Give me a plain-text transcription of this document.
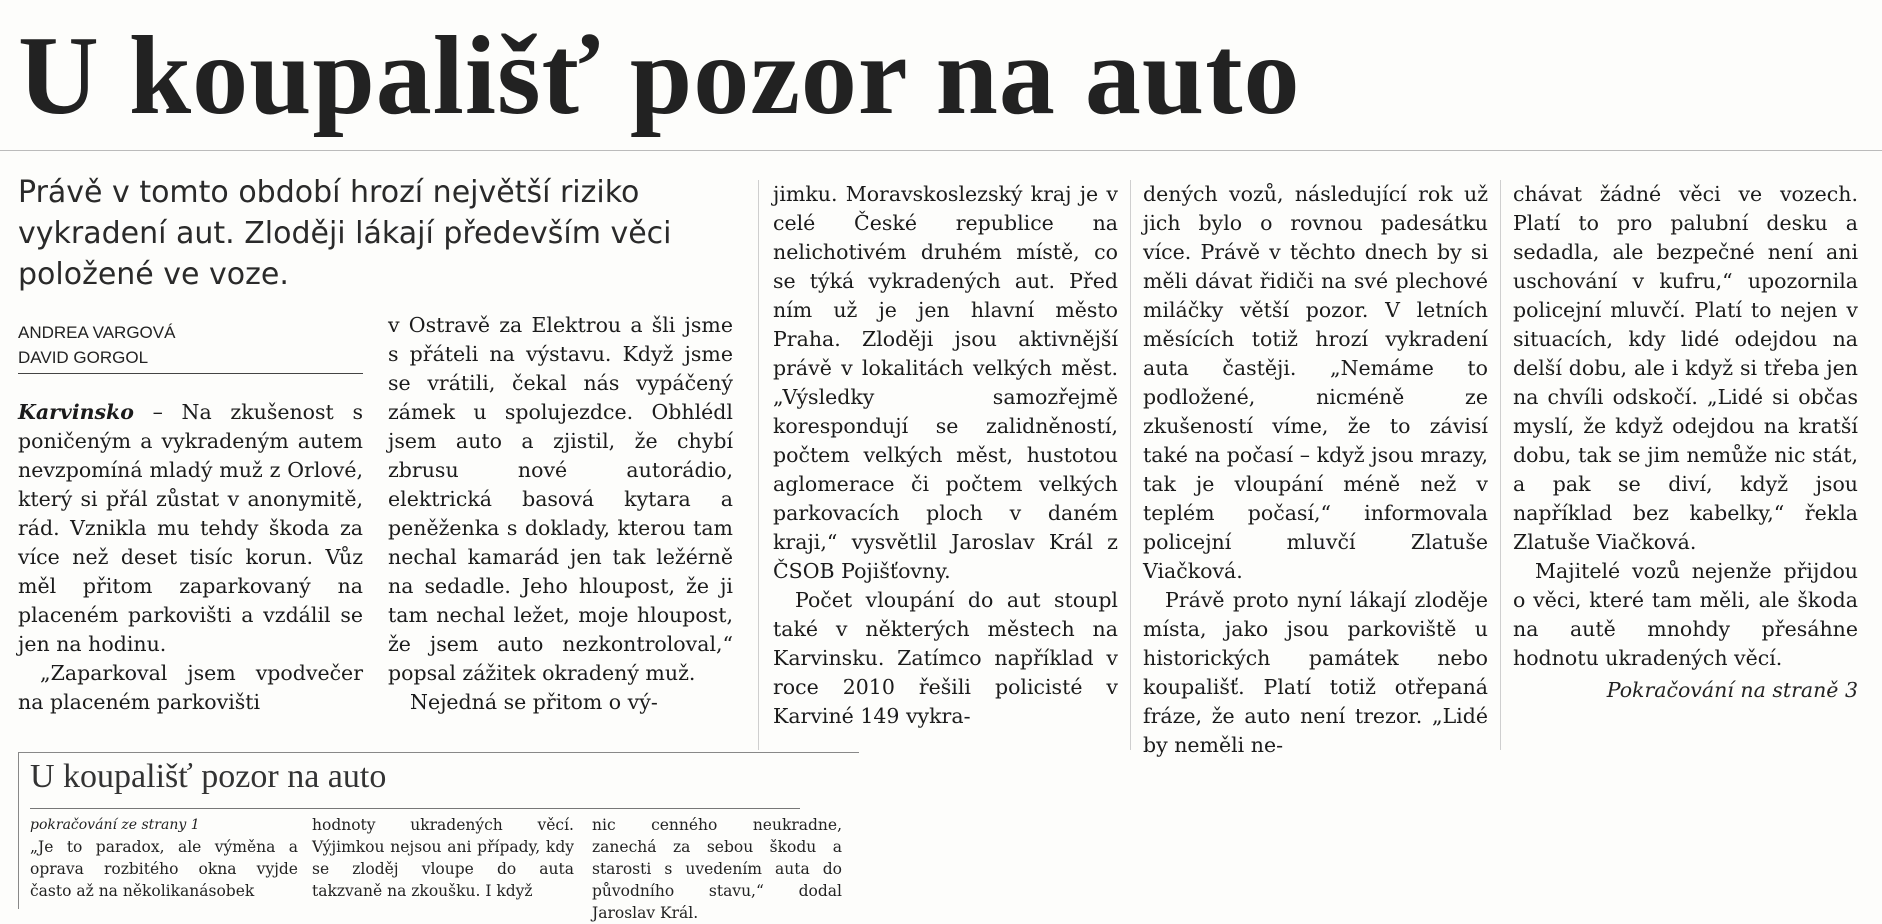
U koupališť pozor na auto
Právě v tomto období hrozí největší riziko vykradení aut. Zloději lákají především věci položené ve voze.
ANDREA VARGOVÁ
DAVID GORGOL

Karvinsko – Na zkušenost s poničeným a vykradeným autem nevzpomíná mladý muž z Orlové, který si přál zůstat v anonymitě, rád. Vznikla mu tehdy škoda za více než deset tisíc korun. Vůz měl přitom zaparkovaný na placeném parkovišti a vzdálil se jen na hodinu.

„Zaparkoval jsem vpodvečer na placeném parkovišti

v Ostravě za Elektrou a šli jsme s přáteli na výstavu. Když jsme se vrátili, čekal nás vypáčený zámek u spolujezdce. Obhlédl jsem auto a zjistil, že chybí zbrusu nové autorádio, elektrická basová kytara a peněženka s doklady, kterou tam nechal kamarád jen tak ležérně na sedadle. Jeho hloupost, že ji tam nechal ležet, moje hloupost, že jsem auto nezkontroloval,“ popsal zážitek okradený muž.

Nejedná se přitom o vý-

jimku. Moravskoslezský kraj je v celé České republice na nelichotivém druhém místě, co se týká vykradených aut. Před ním už je jen hlavní město Praha. Zloději jsou aktivnější právě v lokalitách velkých měst. „Výsledky samozřejmě korespondují se zalidněností, počtem velkých měst, hustotou aglomerace či počtem velkých parkovacích ploch v daném kraji,“ vysvětlil Jaroslav Král z ČSOB Pojišťovny.

Počet vloupání do aut stoupl také v některých městech na Karvinsku. Zatímco například v roce 2010 řešili policisté v Karviné 149 vykra-

dených vozů, následující rok už jich bylo o rovnou padesátku více. Právě v těchto dnech by si měli dávat řidiči na své plechové miláčky větší pozor. V letních měsících totiž hrozí vykradení auta častěji. „Nemáme to podložené, nicméně ze zkušeností víme, že to závisí také na počasí – když jsou mrazy, tak je vloupání méně než v teplém počasí,“ informovala policejní mluvčí Zlatuše Viačková.

Právě proto nyní lákají zloděje místa, jako jsou parkoviště u historických památek nebo koupališť. Platí totiž otřepaná fráze, že auto není trezor. „Lidé by neměli ne-

chávat žádné věci ve vozech. Platí to pro palubní desku a sedadla, ale bezpečné není ani uschování v kufru,“ upozornila policejní mluvčí. Platí to nejen v situacích, kdy lidé odejdou na delší dobu, ale i když si třeba jen na chvíli odskočí. „Lidé si občas myslí, že když odejdou na kratší dobu, tak se jim nemůže nic stát, a pak se diví, když jsou například bez kabelky,“ řekla Zlatuše Viačková.

Majitelé vozů nejenže přijdou o věci, které tam měli, ale škoda na autě mnohdy přesáhne hodnotu ukradených věcí.

Pokračování na straně 3
U koupališť pozor na auto

pokračování ze strany 1

„Je to paradox, ale výměna a oprava rozbitého okna vyjde často až na několikanásobek

hodnoty ukradených věcí. Výjimkou nejsou ani případy, kdy se zloděj vloupe do auta takzvaně na zkoušku. I když

nic cenného neukradne, zanechá za sebou škodu a starosti s uvedením auta do původního stavu,“ dodal Jaroslav Král.
